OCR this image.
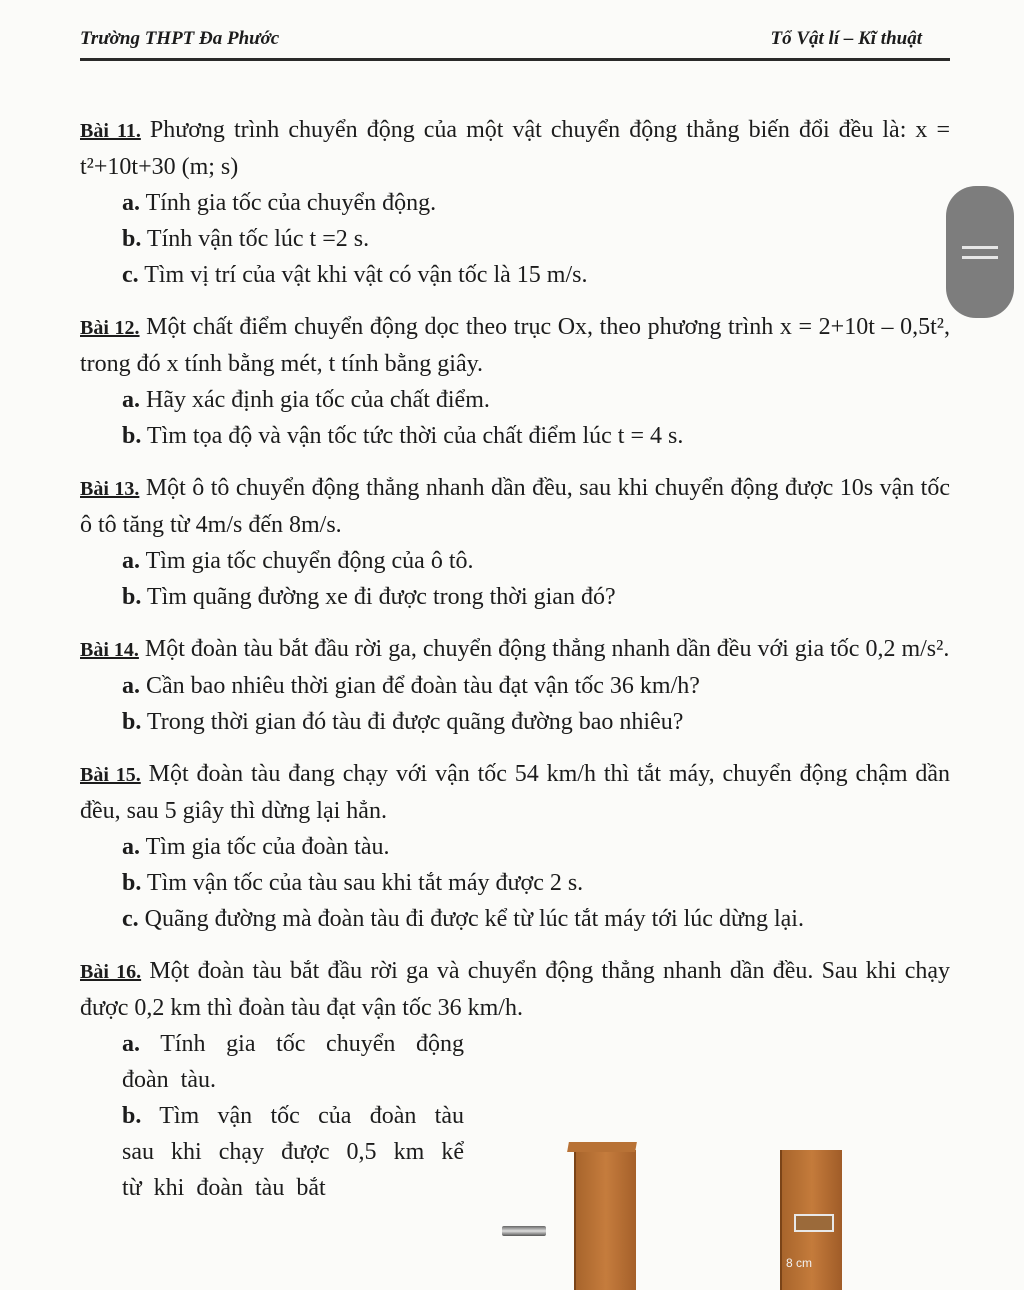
Trường THPT Đa Phước	Tổ Vật lí – Kĩ thuật

Bài 11. Phương trình chuyển động của một vật chuyển động thẳng biến đổi đều là: x = t²+10t+30 (m; s)

a. Tính gia tốc của chuyển động.

b. Tính vận tốc lúc t =2 s.

c. Tìm vị trí của vật khi vật có vận tốc là 15 m/s.

Bài 12. Một chất điểm chuyển động dọc theo trục Ox, theo phương trình x = 2+10t – 0,5t², trong đó x tính bằng mét, t tính bằng giây.

a. Hãy xác định gia tốc của chất điểm.

b. Tìm tọa độ và vận tốc tức thời của chất điểm lúc t = 4 s.

Bài 13. Một ô tô chuyển động thẳng nhanh dần đều, sau khi chuyển động được 10s vận tốc ô tô tăng từ 4m/s đến 8m/s.

a. Tìm gia tốc chuyển động của ô tô.

b. Tìm quãng đường xe đi được trong thời gian đó?

Bài 14. Một đoàn tàu bắt đầu rời ga, chuyển động thẳng nhanh dần đều với gia tốc 0,2 m/s².

a. Cần bao nhiêu thời gian để đoàn tàu đạt vận tốc 36 km/h?

b. Trong thời gian đó tàu đi được quãng đường bao nhiêu?

Bài 15. Một đoàn tàu đang chạy với vận tốc 54 km/h thì tắt máy, chuyển động chậm dần đều, sau 5 giây thì dừng lại hẳn.

a. Tìm gia tốc của đoàn tàu.

b. Tìm vận tốc của tàu sau khi tắt máy được 2 s.

c. Quãng đường mà đoàn tàu đi được kể từ lúc tắt máy tới lúc dừng lại.

Bài 16. Một đoàn tàu bắt đầu rời ga và chuyển động thẳng nhanh dần đều. Sau khi chạy được 0,2 km thì đoàn tàu đạt vận tốc 36 km/h.

a. Tính gia tốc chuyển động đoàn tàu.

b. Tìm vận tốc của đoàn tàu sau khi chạy được 0,5 km kể từ khi đoàn tàu bắt

8 cm
